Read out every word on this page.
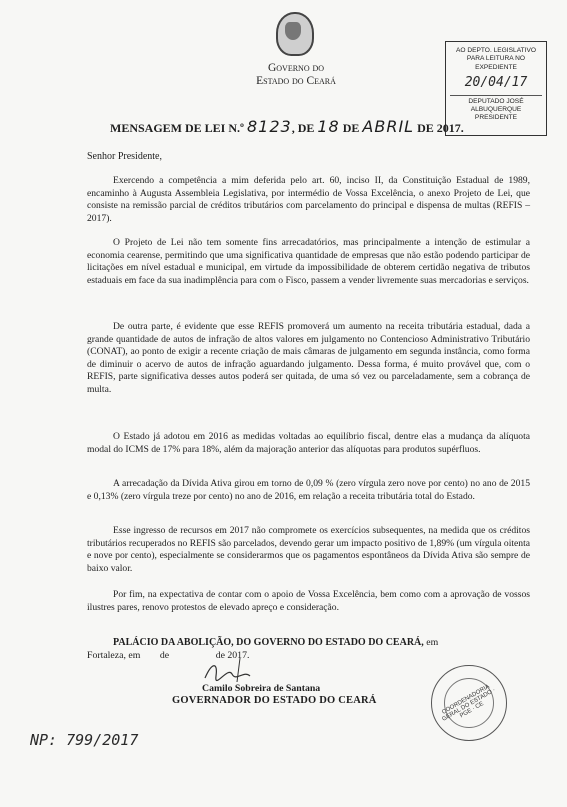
Governo do
Estado do Ceará
AO DEPTO. LEGISLATIVO
PARA LEITURA NO EXPEDIENTE
20/04/17
DEPUTADO JOSÉ ALBUQUERQUE
PRESIDENTE
MENSAGEM DE LEI N.º 8123, DE 18 DE ABRIL DE 2017.
Senhor Presidente,

Exercendo a competência a mim deferida pelo art. 60, inciso II, da Constituição Estadual de 1989, encaminho à Augusta Assembleia Legislativa, por intermédio de Vossa Excelência, o anexo Projeto de Lei, que consiste na remissão parcial de créditos tributários com parcelamento do principal e dispensa de multas (REFIS – 2017).

O Projeto de Lei não tem somente fins arrecadatórios, mas principalmente a intenção de estimular a economia cearense, permitindo que uma significativa quantidade de empresas que não estão podendo participar de licitações em nível estadual e municipal, em virtude da impossibilidade de obterem certidão negativa de tributos estaduais em face da sua inadimplência para com o Fisco, passem a vender livremente suas mercadorias e serviços.

De outra parte, é evidente que esse REFIS promoverá um aumento na receita tributária estadual, dada a grande quantidade de autos de infração de altos valores em julgamento no Contencioso Administrativo Tributário (CONAT), ao ponto de exigir a recente criação de mais câmaras de julgamento em segunda instância, como forma de diminuir o acervo de autos de infração aguardando julgamento. Dessa forma, é muito provável que, com o REFIS, parte significativa desses autos poderá ser quitada, de uma só vez ou parceladamente, sem a cobrança de multa.

O Estado já adotou em 2016 as medidas voltadas ao equilíbrio fiscal, dentre elas a mudança da alíquota modal do ICMS de 17% para 18%, além da majoração anterior das alíquotas para produtos supérfluos.

A arrecadação da Dívida Ativa girou em torno de 0,09 % (zero vírgula zero nove por cento) no ano de 2015 e 0,13% (zero vírgula treze por cento) no ano de 2016, em relação a receita tributária total do Estado.

Esse ingresso de recursos em 2017 não compromete os exercícios subsequentes, na medida que os créditos tributários recuperados no REFIS são parcelados, devendo gerar um impacto positivo de 1,89% (um vírgula oitenta e nove por cento), especialmente se considerarmos que os pagamentos espontâneos da Dívida Ativa são sempre de baixo valor.

Por fim, na expectativa de contar com o apoio de Vossa Excelência, bem como com a aprovação de vossos ilustres pares, renovo protestos de elevado apreço e consideração.

PALÁCIO DA ABOLIÇÃO, DO GOVERNO DO ESTADO DO CEARÁ, em
Fortaleza, em        de                   de 2017.
Camilo Sobreira de Santana
GOVERNADOR DO ESTADO DO CEARÁ	COORDENADORIA GERAL DO ESTADO · PGE · CE
NP: 799/2017
